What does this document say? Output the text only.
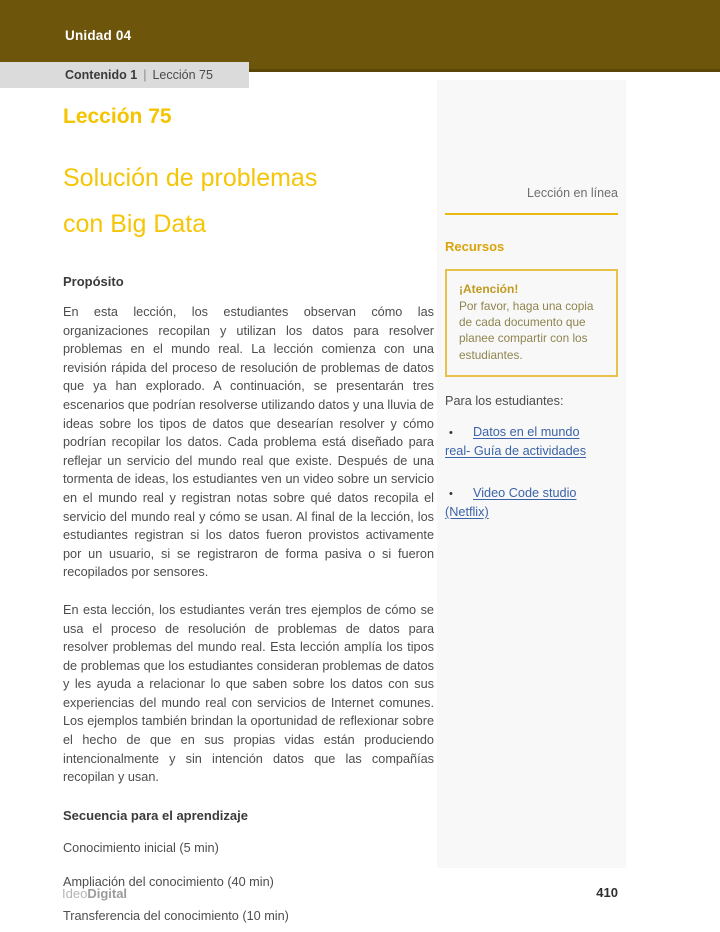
Unidad 04
Contenido 1 | Lección 75
Lección 75
Solución de problemas
con Big Data
Propósito

En esta lección, los estudiantes observan cómo las organizaciones recopilan y utilizan los datos para resolver problemas en el mundo real. La lección comienza con una revisión rápida del proceso de resolución de problemas de datos que ya han explorado. A continuación, se presentarán tres escenarios que podrían resolverse utilizando datos y una lluvia de ideas sobre los tipos de datos que desearían resolver y cómo podrían recopilar los datos. Cada problema está diseñado para reflejar un servicio del mundo real que existe. Después de una tormenta de ideas, los estudiantes ven un video sobre un servicio en el mundo real y registran notas sobre qué datos recopila el servicio del mundo real y cómo se usan. Al final de la lección, los estudiantes registran si los datos fueron provistos activamente por un usuario, si se registraron de forma pasiva o si fueron recopilados por sensores.

En esta lección, los estudiantes verán tres ejemplos de cómo se usa el proceso de resolución de problemas de datos para resolver problemas del mundo real. Esta lección amplía los tipos de problemas que los estudiantes consideran problemas de datos y les ayuda a relacionar lo que saben sobre los datos con sus experiencias del mundo real con servicios de Internet comunes. Los ejemplos también brindan la oportunidad de reflexionar sobre el hecho de que en sus propias vidas están produciendo intencionalmente y sin intención datos que las compañías recopilan y usan.

Secuencia para el aprendizaje
Conocimiento inicial (5 min)
Ampliación del conocimiento (40 min)
Transferencia del conocimiento (10 min)
Lección en línea
Recursos
¡Atención!
Por favor, haga una copia de cada documento que planee compartir con los estudiantes.
Para los estudiantes:
• Datos en el mundo real- Guía de actividades
• Video Code studio (Netflix)
IdeoDigital	410
